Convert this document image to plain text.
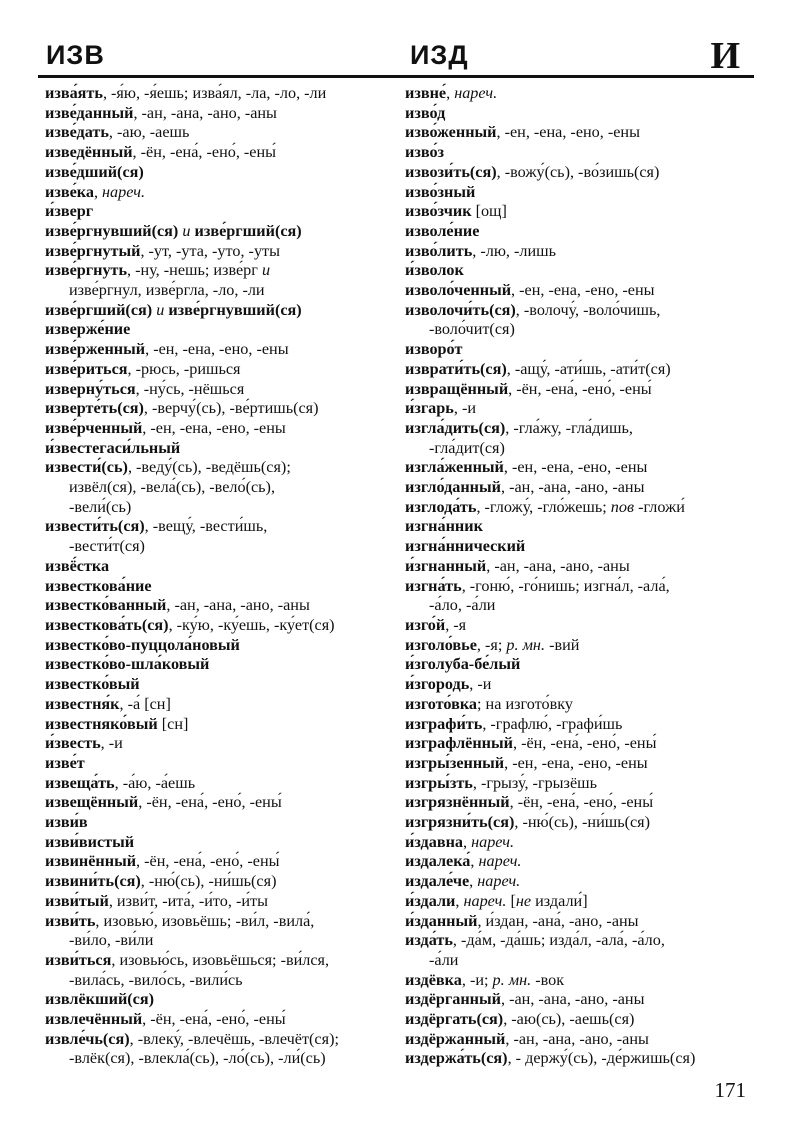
ИЗВ	ИЗД	И
изва́ять, -я́ю, -я́ешь; изва́ял, -ла, -ло, -ли
изве́данный, -ан, -ана, -ано, -аны
изве́дать, -аю, -аешь
изведённый, -ён, -ена́, -ено́, -ены́
изве́дший(ся)
изве́ка, нареч.
и́зверг
изве́ргнувший(ся) и изве́ргший(ся)
изве́ргнутый, -ут, -ута, -уто, -уты
изве́ргнуть, -ну, -нешь; изве́рг и
изве́ргнул, изве́ргла, -ло, -ли
изве́ргший(ся) и изве́ргнувший(ся)
изверже́ние
изве́рженный, -ен, -ена, -ено, -ены
изве́риться, -рюсь, -ришься
изверну́ться, -ну́сь, -нёшься
изверте́ть(ся), -верчу́(сь), -ве́ртишь(ся)
изве́рченный, -ен, -ена, -ено, -ены
и́звестегаси́льный
извести́(сь), -веду́(сь), -ведёшь(ся);
извёл(ся), -вела́(сь), -вело́(сь),
-вели́(сь)
извести́ть(ся), -вещу́, -вести́шь,
-вести́т(ся)
извё́стка
известкова́ние
известко́ванный, -ан, -ана, -ано, -аны
известкова́ть(ся), -ку́ю, -ку́ешь, -ку́ет(ся)
известко́во-пуццола́новый
известко́во-шла́ковый
известко́вый
известня́к, -а́ [сн]
известняко́вый [сн]
и́звесть, -и
изве́т
извеща́ть, -а́ю, -а́ешь
извещённый, -ён, -ена́, -ено́, -ены́
изви́в
изви́вистый
извинённый, -ён, -ена́, -ено́, -ены́
извини́ть(ся), -ню́(сь), -ни́шь(ся)
изви́тый, изви́т, -ита́, -и́то, -и́ты
изви́ть, изовью́, изовьёшь; -ви́л, -вила́,
-ви́ло, -ви́ли
изви́ться, изовью́сь, изовьёшься; -ви́лся,
-вила́сь, -вило́сь, -вили́сь
извлёкший(ся)
извлечённый, -ён, -ена́, -ено́, -ены́
извле́чь(ся), -влеку́, -влечёшь, -влечёт(ся);
-влёк(ся), -влекла́(сь), -ло́(сь), -ли́(сь)
извне́, нареч.
изво́д
изво́женный, -ен, -ена, -ено, -ены
изво́з
извози́ть(ся), -вожу́(сь), -во́зишь(ся)
изво́зный
изво́зчик [ощ]
изволе́ние
изво́лить, -лю, -лишь
и́зволок
изволо́ченный, -ен, -ена, -ено, -ены
изволочи́ть(ся), -волочу́, -воло́чишь,
-воло́чит(ся)
изворо́т
изврати́ть(ся), -ащу́, -ати́шь, -ати́т(ся)
извращённый, -ён, -ена́, -ено́, -ены́
и́згарь, -и
изгла́дить(ся), -гла́жу, -гла́дишь,
-гла́дит(ся)
изгла́женный, -ен, -ена, -ено, -ены
изгло́данный, -ан, -ана, -ано, -аны
изглода́ть, -гложу́, -гло́жешь; пов -гложи́
изгна́нник
изгна́ннический
и́згнанный, -ан, -ана, -ано, -аны
изгна́ть, -гоню́, -го́нишь; изгна́л, -ала́,
-а́ло, -а́ли
изго́й, -я
изголо́вье, -я; р. мн. -вий
и́зголуба-бе́лый
и́згородь, -и
изгото́вка; на изгото́вку
изграфи́ть, -графлю́, -графи́шь
изграфлённый, -ён, -ена́, -ено́, -ены́
изгры́зенный, -ен, -ена, -ено, -ены
изгры́зть, -грызу́, -грызёшь
изгрязнённый, -ён, -ена́, -ено́, -ены́
изгрязни́ть(ся), -ню́(сь), -ни́шь(ся)
и́здавна, нареч.
издалека́, нареч.
издале́че, нареч.
и́здали, нареч. [не издали́]
и́зданный, и́здан, -ана́, -ано, -аны
изда́ть, -да́м, -да́шь; изда́л, -ала́, -а́ло,
-а́ли
издёвка, -и; р. мн. -вок
издёрганный, -ан, -ана, -ано, -аны
издёргать(ся), -аю(сь), -аешь(ся)
издёржанный, -ан, -ана, -ано, -аны
издержа́ть(ся), - держу́(сь), -де́ржишь(ся)
171
